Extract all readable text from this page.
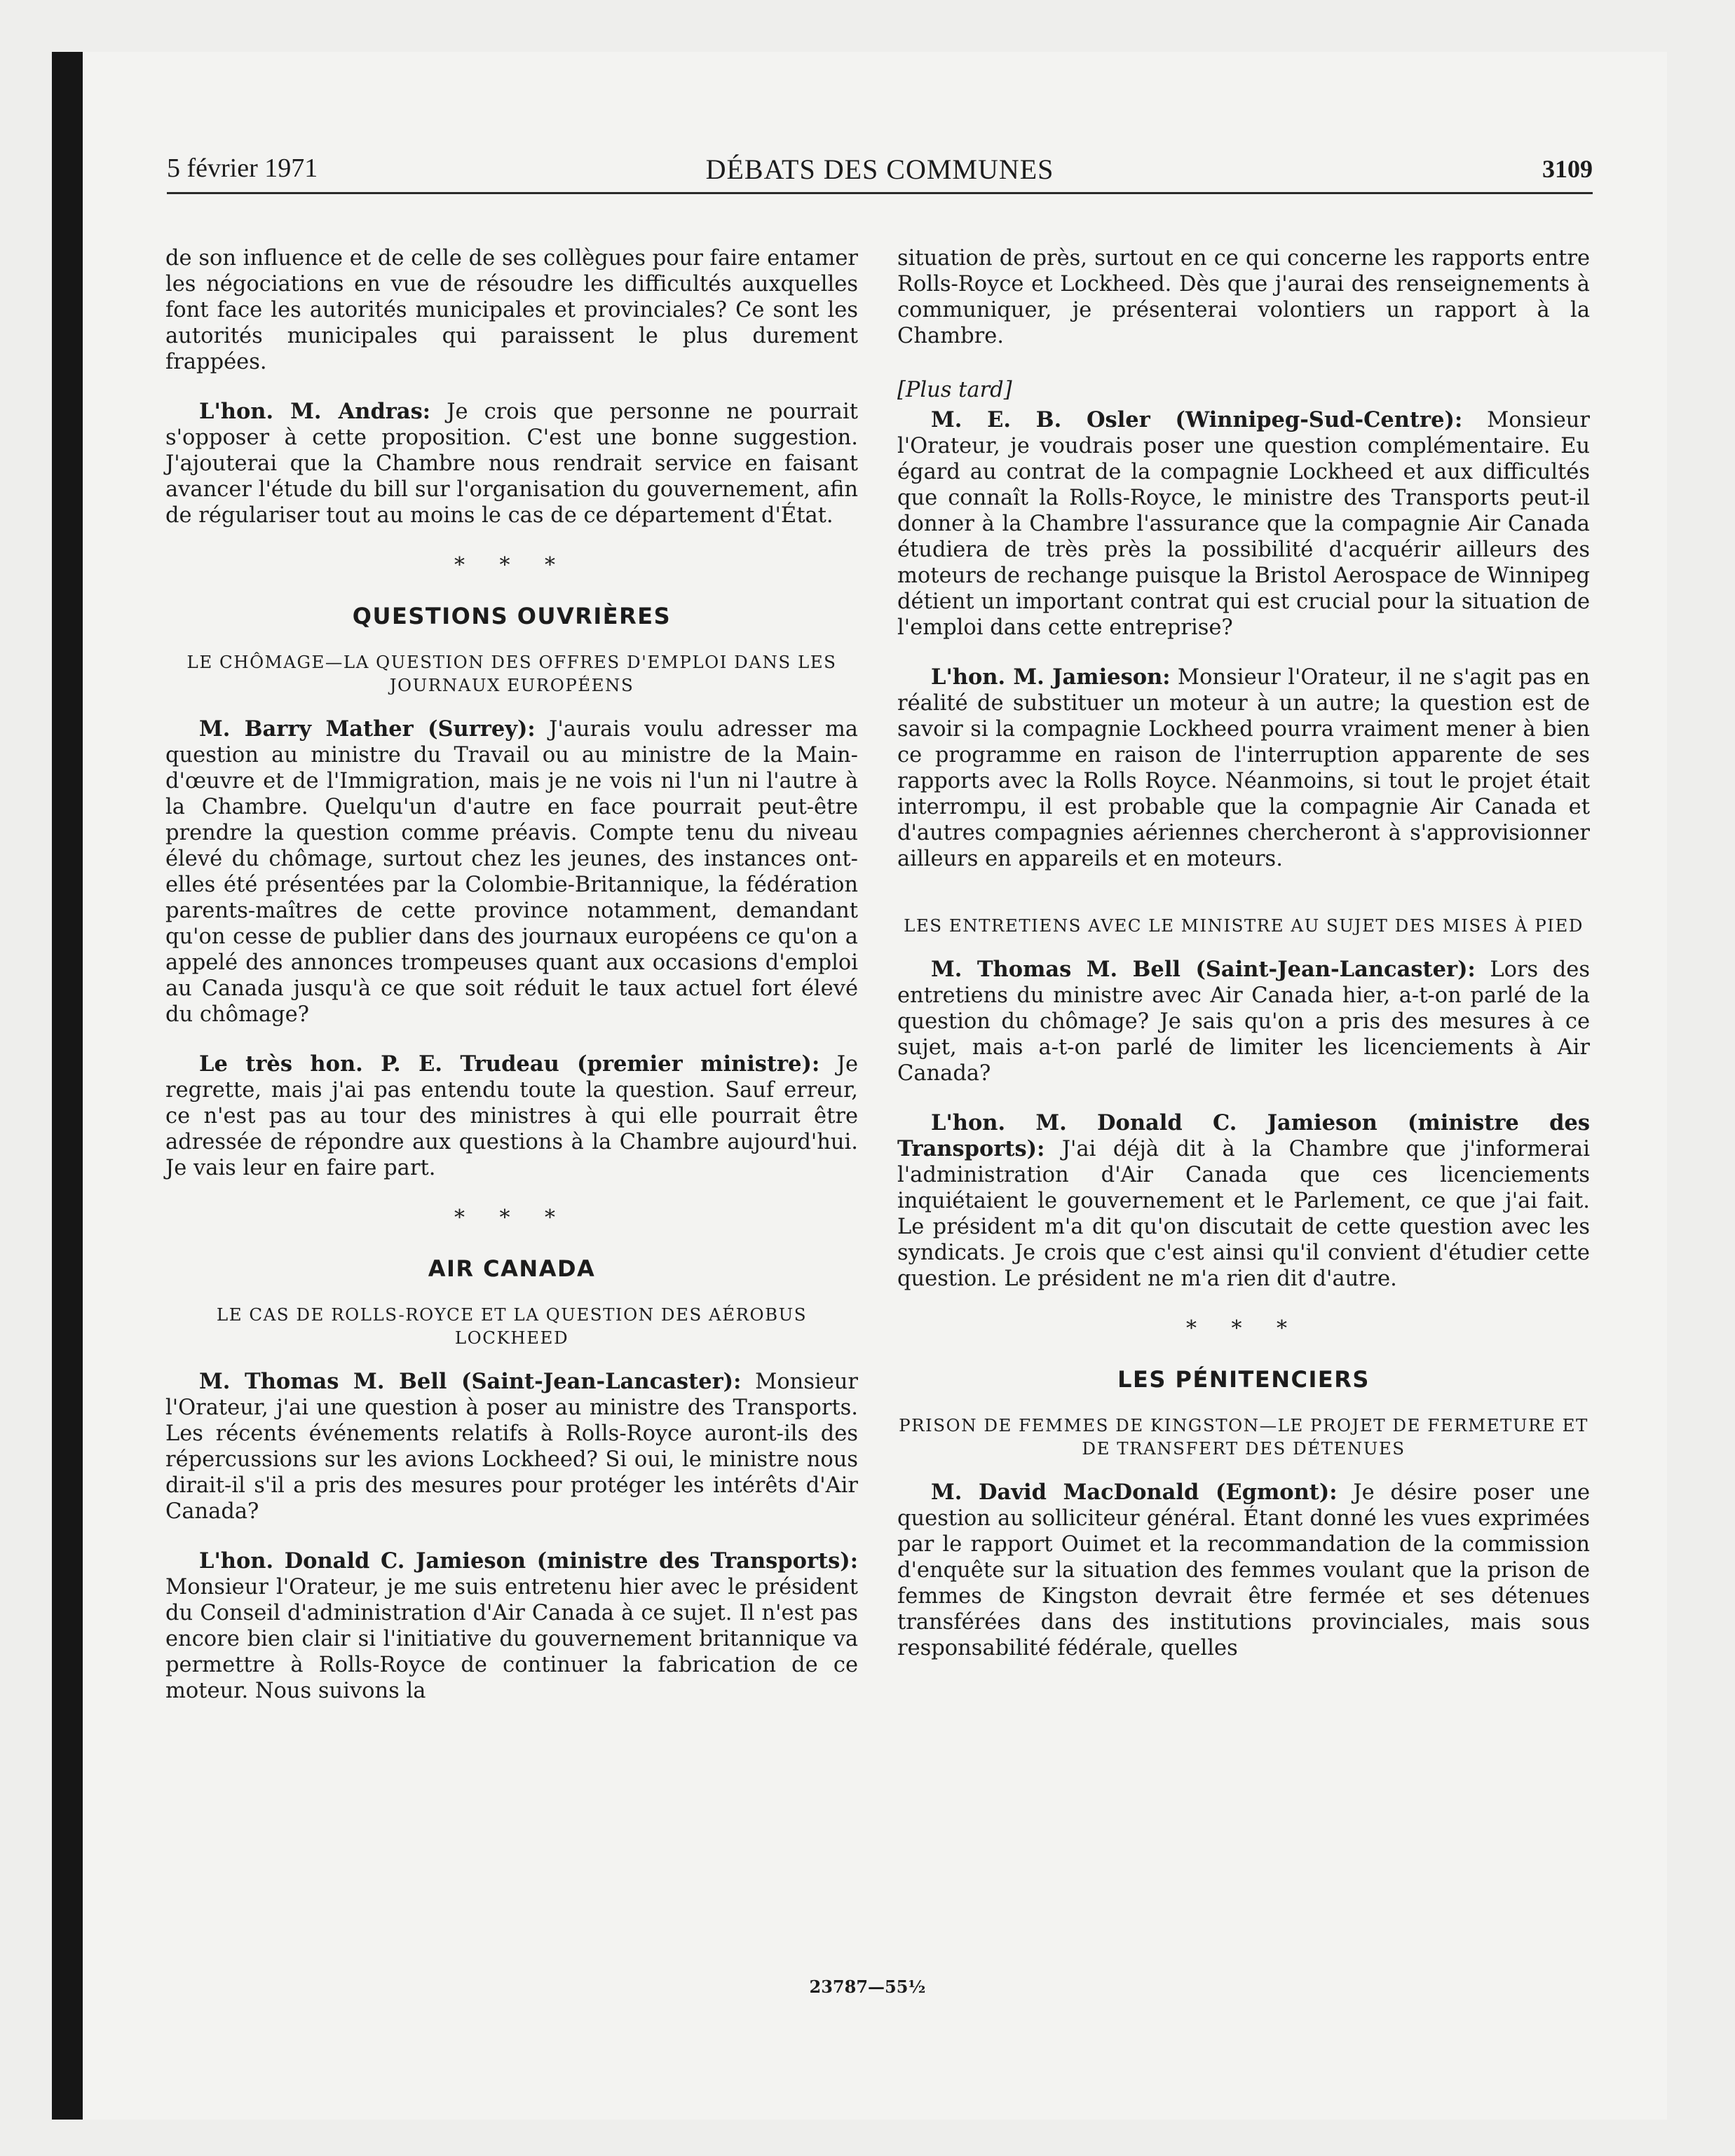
5 février 1971	DÉBATS DES COMMUNES	3109

de son influence et de celle de ses collègues pour faire entamer les négociations en vue de résoudre les difficultés auxquelles font face les autorités municipales et provinciales? Ce sont les autorités municipales qui paraissent le plus durement frappées.

L'hon. M. Andras: Je crois que personne ne pourrait s'opposer à cette proposition. C'est une bonne suggestion. J'ajouterai que la Chambre nous rendrait service en faisant avancer l'étude du bill sur l'organisation du gouvernement, afin de régulariser tout au moins le cas de ce département d'État.

* * *
QUESTIONS OUVRIÈRES
LE CHÔMAGE—LA QUESTION DES OFFRES D'EMPLOI DANS LES JOURNAUX EUROPÉENS

M. Barry Mather (Surrey): J'aurais voulu adresser ma question au ministre du Travail ou au ministre de la Main-d'œuvre et de l'Immigration, mais je ne vois ni l'un ni l'autre à la Chambre. Quelqu'un d'autre en face pourrait peut-être prendre la question comme préavis. Compte tenu du niveau élevé du chômage, surtout chez les jeunes, des instances ont-elles été présentées par la Colombie-Britannique, la fédération parents-maîtres de cette province notamment, demandant qu'on cesse de publier dans des journaux européens ce qu'on a appelé des annonces trompeuses quant aux occasions d'emploi au Canada jusqu'à ce que soit réduit le taux actuel fort élevé du chômage?

Le très hon. P. E. Trudeau (premier ministre): Je regrette, mais j'ai pas entendu toute la question. Sauf erreur, ce n'est pas au tour des ministres à qui elle pourrait être adressée de répondre aux questions à la Chambre aujourd'hui. Je vais leur en faire part.

* * *
AIR CANADA
LE CAS DE ROLLS-ROYCE ET LA QUESTION DES AÉROBUS LOCKHEED

M. Thomas M. Bell (Saint-Jean-Lancaster): Monsieur l'Orateur, j'ai une question à poser au ministre des Transports. Les récents événements relatifs à Rolls-Royce auront-ils des répercussions sur les avions Lockheed? Si oui, le ministre nous dirait-il s'il a pris des mesures pour protéger les intérêts d'Air Canada?

L'hon. Donald C. Jamieson (ministre des Transports): Monsieur l'Orateur, je me suis entretenu hier avec le président du Conseil d'administration d'Air Canada à ce sujet. Il n'est pas encore bien clair si l'initiative du gouvernement britannique va permettre à Rolls-Royce de continuer la fabrication de ce moteur. Nous suivons la

situation de près, surtout en ce qui concerne les rapports entre Rolls-Royce et Lockheed. Dès que j'aurai des renseignements à communiquer, je présenterai volontiers un rapport à la Chambre.

[Plus tard]

M. E. B. Osler (Winnipeg-Sud-Centre): Monsieur l'Orateur, je voudrais poser une question complémentaire. Eu égard au contrat de la compagnie Lockheed et aux difficultés que connaît la Rolls-Royce, le ministre des Transports peut-il donner à la Chambre l'assurance que la compagnie Air Canada étudiera de très près la possibilité d'acquérir ailleurs des moteurs de rechange puisque la Bristol Aerospace de Winnipeg détient un important contrat qui est crucial pour la situation de l'emploi dans cette entreprise?

L'hon. M. Jamieson: Monsieur l'Orateur, il ne s'agit pas en réalité de substituer un moteur à un autre; la question est de savoir si la compagnie Lockheed pourra vraiment mener à bien ce programme en raison de l'interruption apparente de ses rapports avec la Rolls Royce. Néanmoins, si tout le projet était interrompu, il est probable que la compagnie Air Canada et d'autres compagnies aériennes chercheront à s'approvisionner ailleurs en appareils et en moteurs.

LES ENTRETIENS AVEC LE MINISTRE AU SUJET DES MISES À PIED

M. Thomas M. Bell (Saint-Jean-Lancaster): Lors des entretiens du ministre avec Air Canada hier, a-t-on parlé de la question du chômage? Je sais qu'on a pris des mesures à ce sujet, mais a-t-on parlé de limiter les licenciements à Air Canada?

L'hon. M. Donald C. Jamieson (ministre des Transports): J'ai déjà dit à la Chambre que j'informerai l'administration d'Air Canada que ces licenciements inquiétaient le gouvernement et le Parlement, ce que j'ai fait. Le président m'a dit qu'on discutait de cette question avec les syndicats. Je crois que c'est ainsi qu'il convient d'étudier cette question. Le président ne m'a rien dit d'autre.

* * *
LES PÉNITENCIERS
PRISON DE FEMMES DE KINGSTON—LE PROJET DE FERMETURE ET DE TRANSFERT DES DÉTENUES

M. David MacDonald (Egmont): Je désire poser une question au solliciteur général. Étant donné les vues exprimées par le rapport Ouimet et la recommandation de la commission d'enquête sur la situation des femmes voulant que la prison de femmes de Kingston devrait être fermée et ses détenues transférées dans des institutions provinciales, mais sous responsabilité fédérale, quelles

23787—55½
